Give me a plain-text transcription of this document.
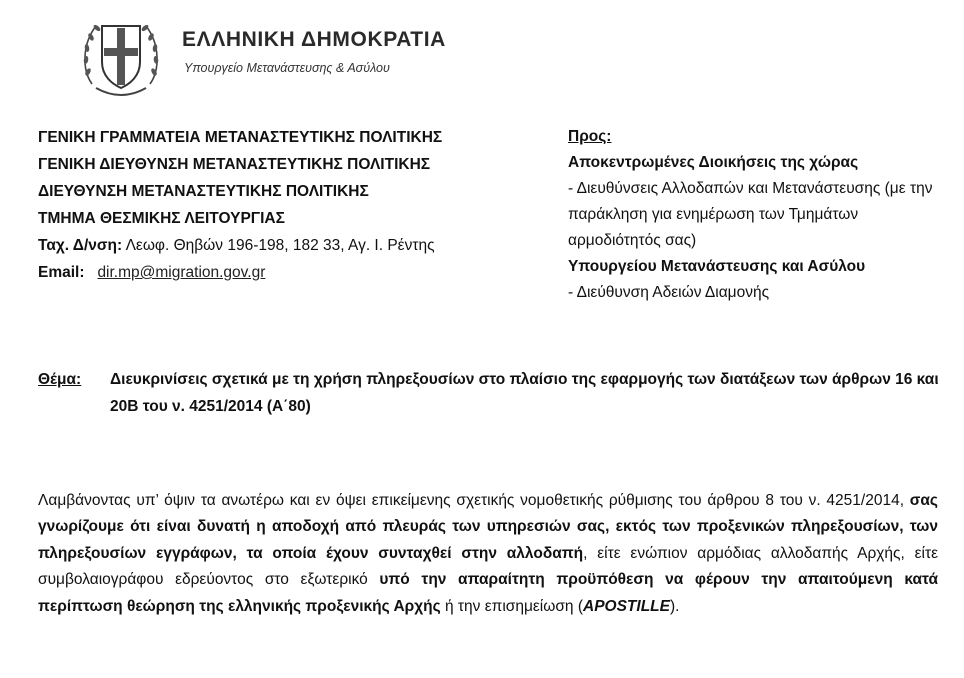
ΕΛΛΗΝΙΚΗ ΔΗΜΟΚΡΑΤΙΑ
Υπουργείο Μετανάστευσης & Ασύλου
ΓΕΝΙΚΗ ΓΡΑΜΜΑΤΕΙΑ ΜΕΤΑΝΑΣΤΕΥΤΙΚΗΣ ΠΟΛΙΤΙΚΗΣ
ΓΕΝΙΚΗ ΔΙΕΥΘΥΝΣΗ ΜΕΤΑΝΑΣΤΕΥΤΙΚΗΣ ΠΟΛΙΤΙΚΗΣ
ΔΙΕΥΘΥΝΣΗ ΜΕΤΑΝΑΣΤΕΥΤΙΚΗΣ ΠΟΛΙΤΙΚΗΣ
ΤΜΗΜΑ ΘΕΣΜΙΚΗΣ ΛΕΙΤΟΥΡΓΙΑΣ
Ταχ. Δ/νση: Λεωφ. Θηβών 196-198, 182 33, Αγ. Ι. Ρέντης
Email: dir.mp@migration.gov.gr
Προς:
Αποκεντρωμένες Διοικήσεις της χώρας
- Διευθύνσεις Αλλοδαπών και Μετανάστευσης (με την παράκληση για ενημέρωση των Τμημάτων αρμοδιότητός σας)
Υπουργείου Μετανάστευσης και Ασύλου
- Διεύθυνση Αδειών Διαμονής
Θέμα: Διευκρινίσεις σχετικά με τη χρήση πληρεξουσίων στο πλαίσιο της εφαρμογής των διατάξεων των άρθρων 16 και 20Β του ν. 4251/2014 (Α΄80)
Λαμβάνοντας υπ’ όψιν τα ανωτέρω και εν όψει επικείμενης σχετικής νομοθετικής ρύθμισης του άρθρου 8 του ν. 4251/2014, σας γνωρίζουμε ότι είναι δυνατή η αποδοχή από πλευράς των υπηρεσιών σας, εκτός των προξενικών πληρεξουσίων, των πληρεξουσίων εγγράφων, τα οποία έχουν συνταχθεί στην αλλοδαπή, είτε ενώπιον αρμόδιας αλλοδαπής Αρχής, είτε συμβολαιογράφου εδρεύοντος στο εξωτερικό υπό την απαραίτητη προϋπόθεση να φέρουν την απαιτούμενη κατά περίπτωση θεώρηση της ελληνικής προξενικής Αρχής ή την επισημείωση (APOSTILLE).
